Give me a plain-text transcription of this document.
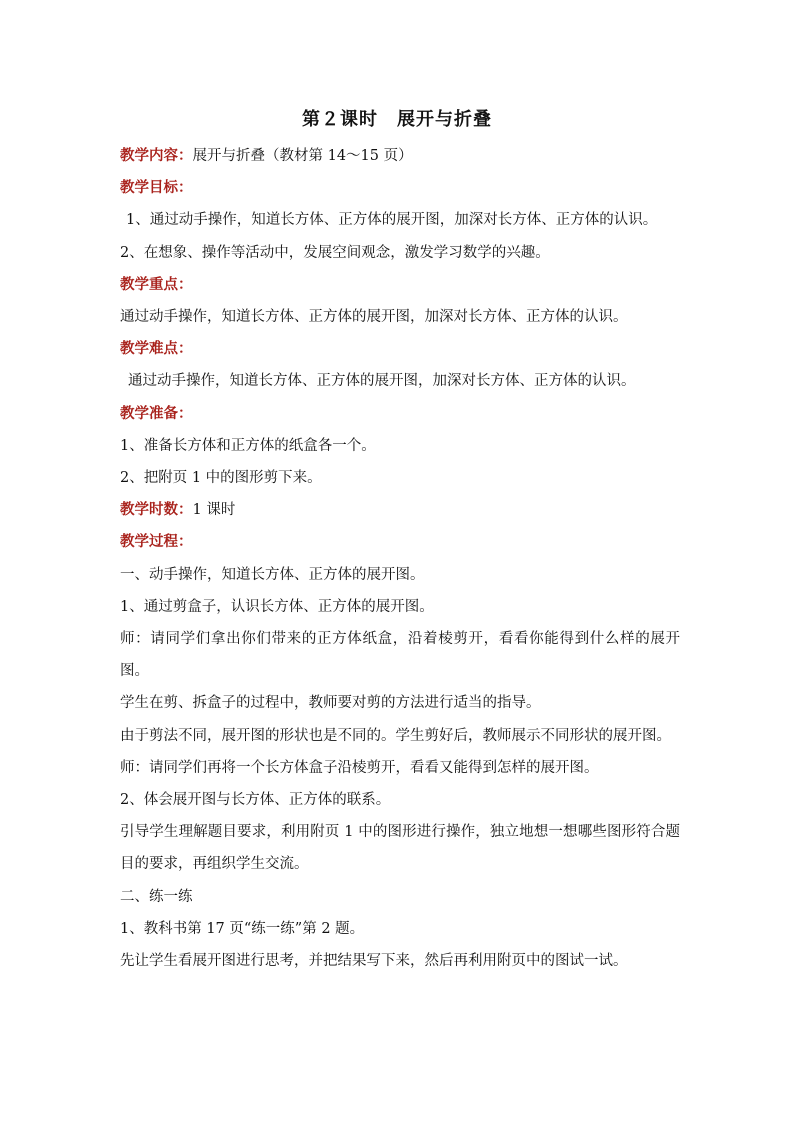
第２课时　展开与折叠

教学内容：展开与折叠（教材第 14～15 页）

教学目标：

1、通过动手操作，知道长方体、正方体的展开图，加深对长方体、正方体的认识。

2、在想象、操作等活动中，发展空间观念，激发学习数学的兴趣。

教学重点：

通过动手操作，知道长方体、正方体的展开图，加深对长方体、正方体的认识。

教学难点：

通过动手操作，知道长方体、正方体的展开图，加深对长方体、正方体的认识。

教学准备：

1、准备长方体和正方体的纸盒各一个。

2、把附页 1 中的图形剪下来。

教学时数：1 课时

教学过程：

一、动手操作，知道长方体、正方体的展开图。

1、通过剪盒子，认识长方体、正方体的展开图。

师：请同学们拿出你们带来的正方体纸盒，沿着棱剪开，看看你能得到什么样的展开图。

学生在剪、拆盒子的过程中，教师要对剪的方法进行适当的指导。

由于剪法不同，展开图的形状也是不同的。学生剪好后，教师展示不同形状的展开图。

师：请同学们再将一个长方体盒子沿棱剪开，看看又能得到怎样的展开图。

2、体会展开图与长方体、正方体的联系。

引导学生理解题目要求，利用附页 1 中的图形进行操作，独立地想一想哪些图形符合题目的要求，再组织学生交流。

二、练一练

1、教科书第 17 页“练一练”第 2 题。

先让学生看展开图进行思考，并把结果写下来，然后再利用附页中的图试一试。
